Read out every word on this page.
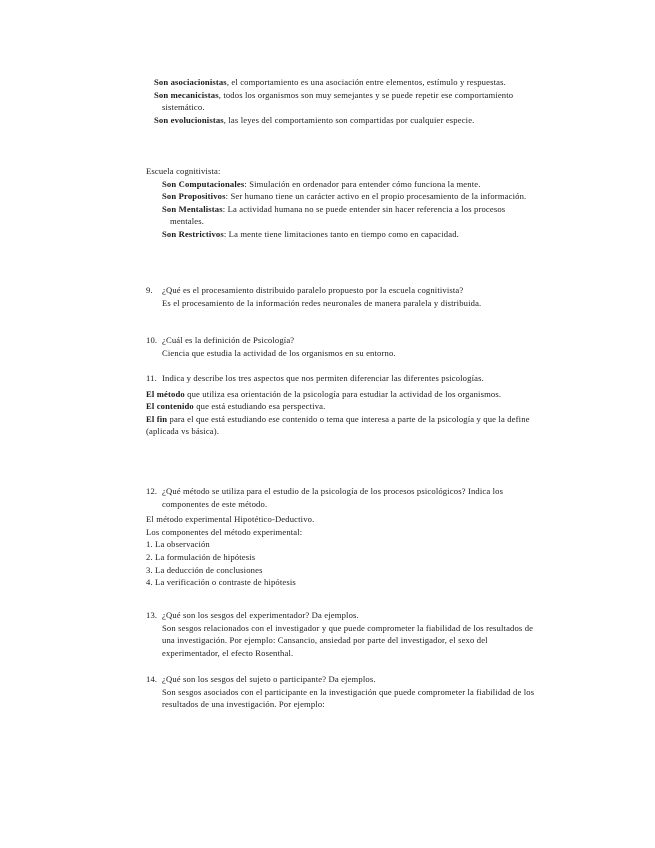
Son asociacionistas, el comportamiento es una asociación entre elementos, estímulo y respuestas.

Son mecanicistas, todos los organismos son muy semejantes y se puede repetir ese comportamiento sistemático.

Son evolucionistas, las leyes del comportamiento son compartidas por cualquier especie.

Escuela cognitivista:

Son Computacionales: Simulación en ordenador para entender cómo funciona la mente.

Son Propositivos: Ser humano tiene un carácter activo en el propio procesamiento de la información.

Son Mentalistas: La actividad humana no se puede entender sin hacer referencia a los procesos mentales.

Son Restrictivos: La mente tiene limitaciones tanto en tiempo como en capacidad.

9.	¿Qué es el procesamiento distribuido paralelo propuesto por la escuela cognitivista?

Es el procesamiento de la información redes neuronales de manera paralela y distribuida.

10. ¿Cuál es la definición de Psicología?

Ciencia que estudia la actividad de los organismos en su entorno.

11. Indica y describe los tres aspectos que nos permiten diferenciar las diferentes psicologías.

El método que utiliza esa orientación de la psicología para estudiar la actividad de los organismos.

El contenido que está estudiando esa perspectiva.

El fin para el que está estudiando ese contenido o tema que interesa a parte de la psicología y que la define (aplicada vs básica).

12. ¿Qué método se utiliza para el estudio de la psicología de los procesos psicológicos? Indica los componentes de este método.

El método experimental Hipotético-Deductivo.

Los componentes del método experimental:

1. La observación

2. La formulación de hipótesis

3. La deducción de conclusiones

4. La verificación o contraste de hipótesis

13. ¿Qué son los sesgos del experimentador? Da ejemplos.

Son sesgos relacionados con el investigador y que puede comprometer la fiabilidad de los resultados de una investigación. Por ejemplo: Cansancio, ansiedad por parte del investigador, el sexo del experimentador, el efecto Rosenthal.

14. ¿Qué son los sesgos del sujeto o participante? Da ejemplos.

Son sesgos asociados con el participante en la investigación que puede comprometer la fiabilidad de los resultados de una investigación. Por ejemplo:
